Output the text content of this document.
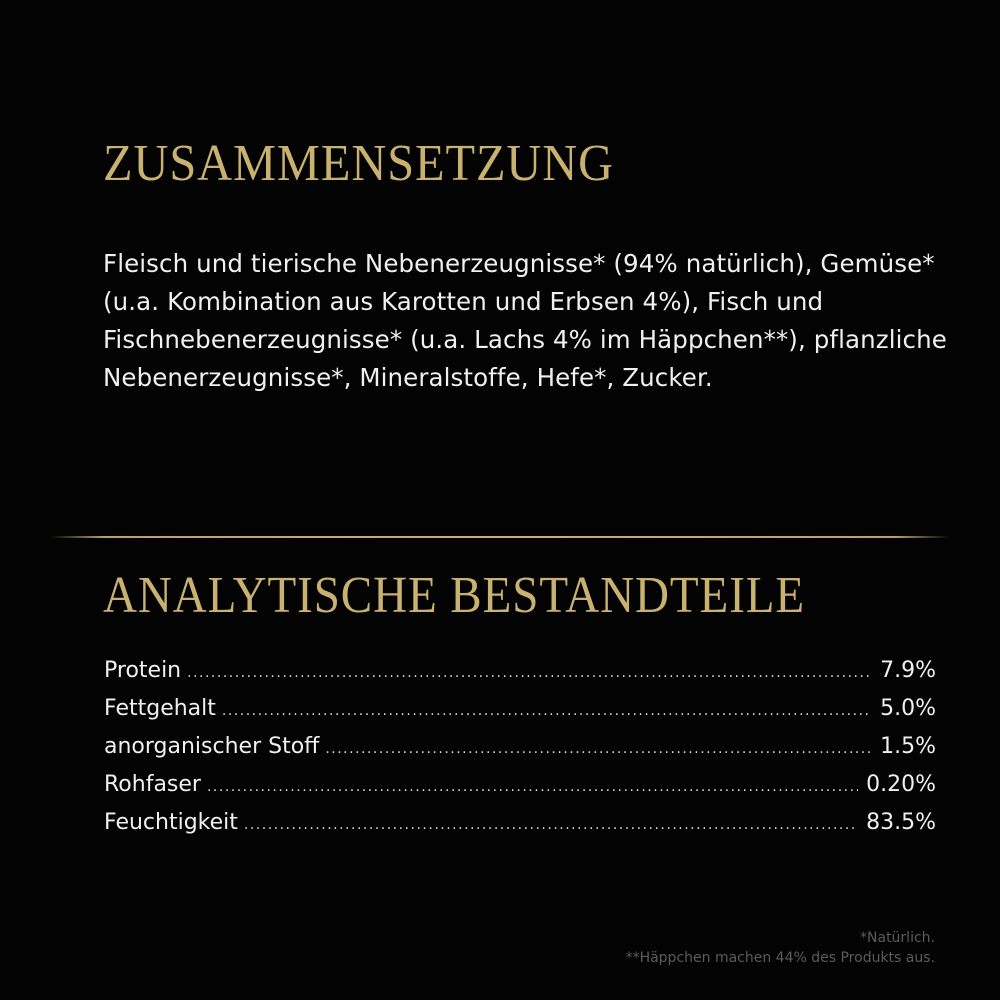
ZUSAMMENSETZUNG

Fleisch und tierische Nebenerzeugnisse* (94% natürlich), Gemüse* (u.a. Kombination aus Karotten und Erbsen 4%), Fisch und Fischnebenerzeugnisse* (u.a. Lachs 4% im Häppchen**), pflanzliche Nebenerzeugnisse*, Mineralstoffe, Hefe*, Zucker.

ANALYTISCHE BESTANDTEILE
Protein .....	7.9%
Fettgehalt .....	5.0%
anorganischer Stoff .....	1.5%
Rohfaser .....	0.20%
Feuchtigkeit .....	83.5%
*Natürlich.
**Häppchen machen 44% des Produkts aus.
